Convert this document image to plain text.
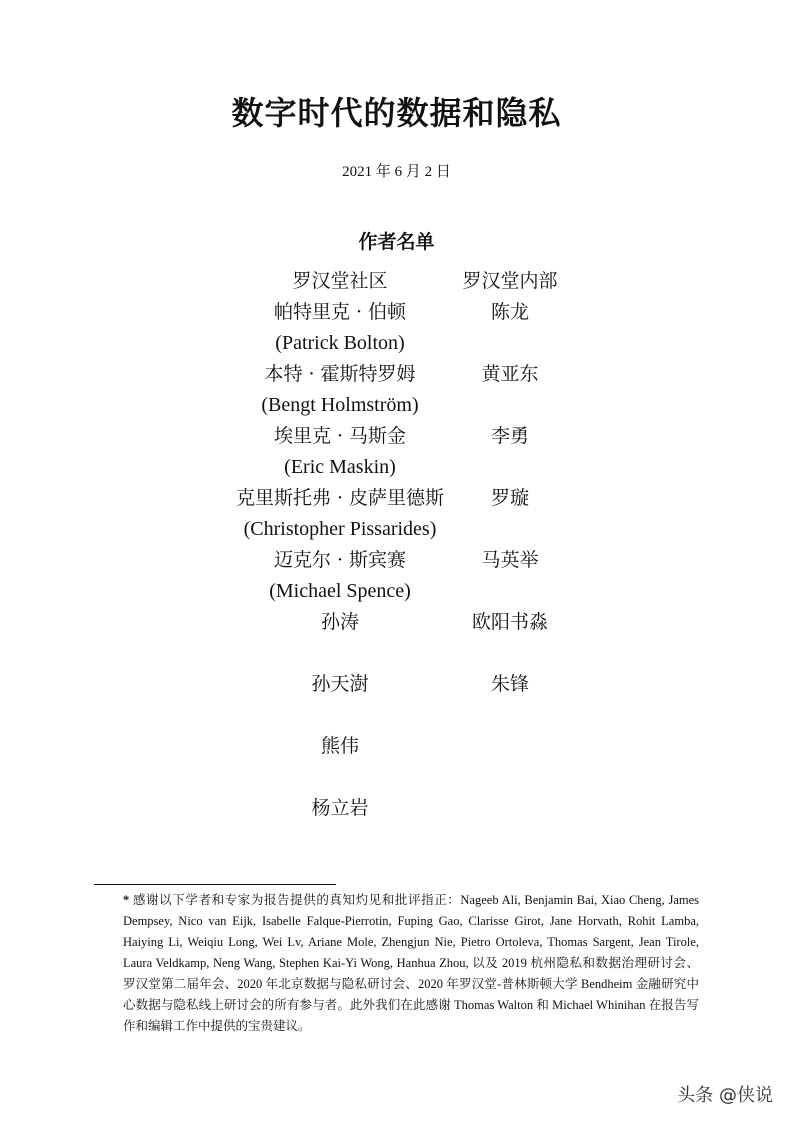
数字时代的数据和隐私
2021 年 6 月 2 日
作者名单
罗汉堂社区	罗汉堂内部
帕特里克 · 伯顿	陈龙
(Patrick Bolton)
本特 · 霍斯特罗姆	黄亚东
(Bengt Holmström)
埃里克 · 马斯金	李勇
(Eric Maskin)
克里斯托弗 · 皮萨里德斯	罗璇
(Christopher Pissarides)
迈克尔 · 斯宾赛	马英举
(Michael Spence)
孙涛	欧阳书淼
孙天澍	朱锋
熊伟
杨立岩
* 感谢以下学者和专家为报告提供的真知灼见和批评指正：Nageeb Ali, Benjamin Bai, Xiao Cheng, James Dempsey, Nico van Eijk, Isabelle Falque-Pierrotin, Fuping Gao, Clarisse Girot, Jane Horvath, Rohit Lamba, Haiying Li, Weiqiu Long, Wei Lv, Ariane Mole, Zhengjun Nie, Pietro Ortoleva, Thomas Sargent, Jean Tirole, Laura Veldkamp, Neng Wang, Stephen Kai-Yi Wong, Hanhua Zhou, 以及 2019 杭州隐私和数据治理研讨会、罗汉堂第二届年会、2020 年北京数据与隐私研讨会、2020 年罗汉堂-普林斯顿大学 Bendheim 金融研究中心数据与隐私线上研讨会的所有参与者。此外我们在此感谢 Thomas Walton 和 Michael Whinihan 在报告写作和编辑工作中提供的宝贵建议。
头条 @侠说
